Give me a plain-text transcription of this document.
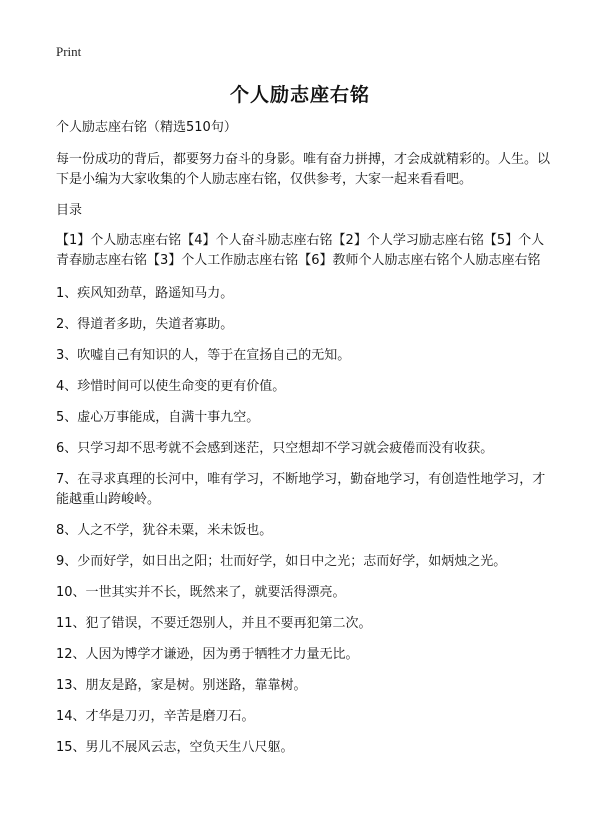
Print
个人励志座右铭

个人励志座右铭（精选510句）

每一份成功的背后，都要努力奋斗的身影。唯有奋力拼搏，才会成就精彩的。人生。以下是小编为大家收集的个人励志座右铭，仅供参考，大家一起来看看吧。

目录

【1】个人励志座右铭【4】个人奋斗励志座右铭【2】个人学习励志座右铭【5】个人青春励志座右铭【3】个人工作励志座右铭【6】教师个人励志座右铭个人励志座右铭

1、疾风知劲草，路遥知马力。

2、得道者多助，失道者寡助。

3、吹嘘自己有知识的人，等于在宣扬自己的无知。

4、珍惜时间可以使生命变的更有价值。

5、虚心万事能成，自满十事九空。

6、只学习却不思考就不会感到迷茫，只空想却不学习就会疲倦而没有收获。

7、在寻求真理的长河中，唯有学习，不断地学习，勤奋地学习，有创造性地学习，才能越重山跨峻岭。

8、人之不学，犹谷未粟，米未饭也。

9、少而好学，如日出之阳；壮而好学，如日中之光；志而好学，如炳烛之光。

10、一世其实并不长，既然来了，就要活得漂亮。

11、犯了错误，不要迁怨别人，并且不要再犯第二次。

12、人因为博学才谦逊，因为勇于牺牲才力量无比。

13、朋友是路，家是树。别迷路，靠靠树。

14、才华是刀刃，辛苦是磨刀石。

15、男儿不展风云志，空负天生八尺躯。
